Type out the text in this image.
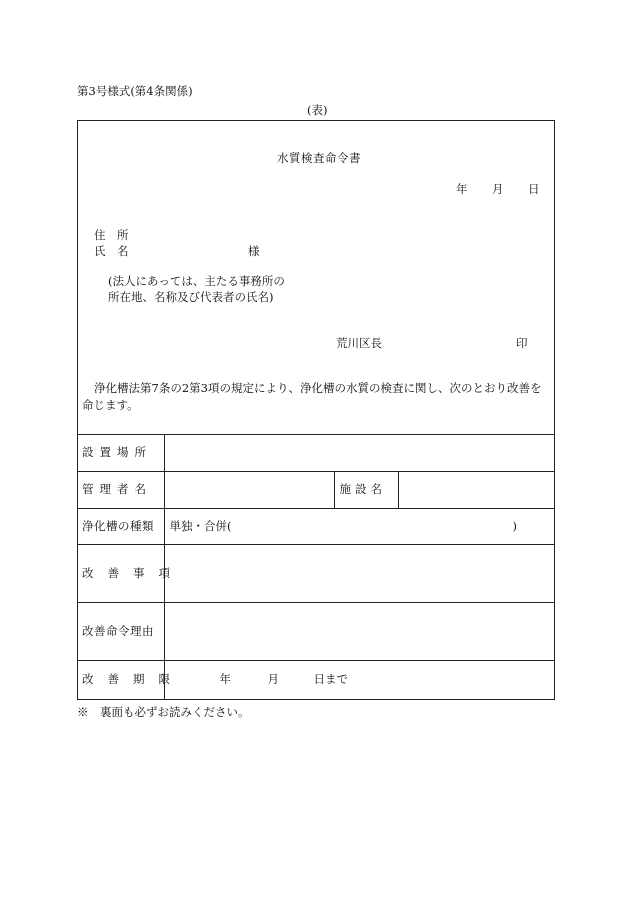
第3号様式(第4条関係)
(表)
水質検査命令書
年 月 日
住　所
氏　名	様
(法人にあっては、主たる事務所の
所在地、名称及び代表者の氏名)
荒川区長	印
浄化槽法第7条の2第3項の規定により、浄化槽の水質の検査に関し、次のとおり改善を命じます。
設置場所			
管理者名		施設名	
浄化槽の種類	単独・合併( )		

改善事項			
改善命令理由			
改善期限	年 月 日まで		
※　裏面も必ずお読みください。
